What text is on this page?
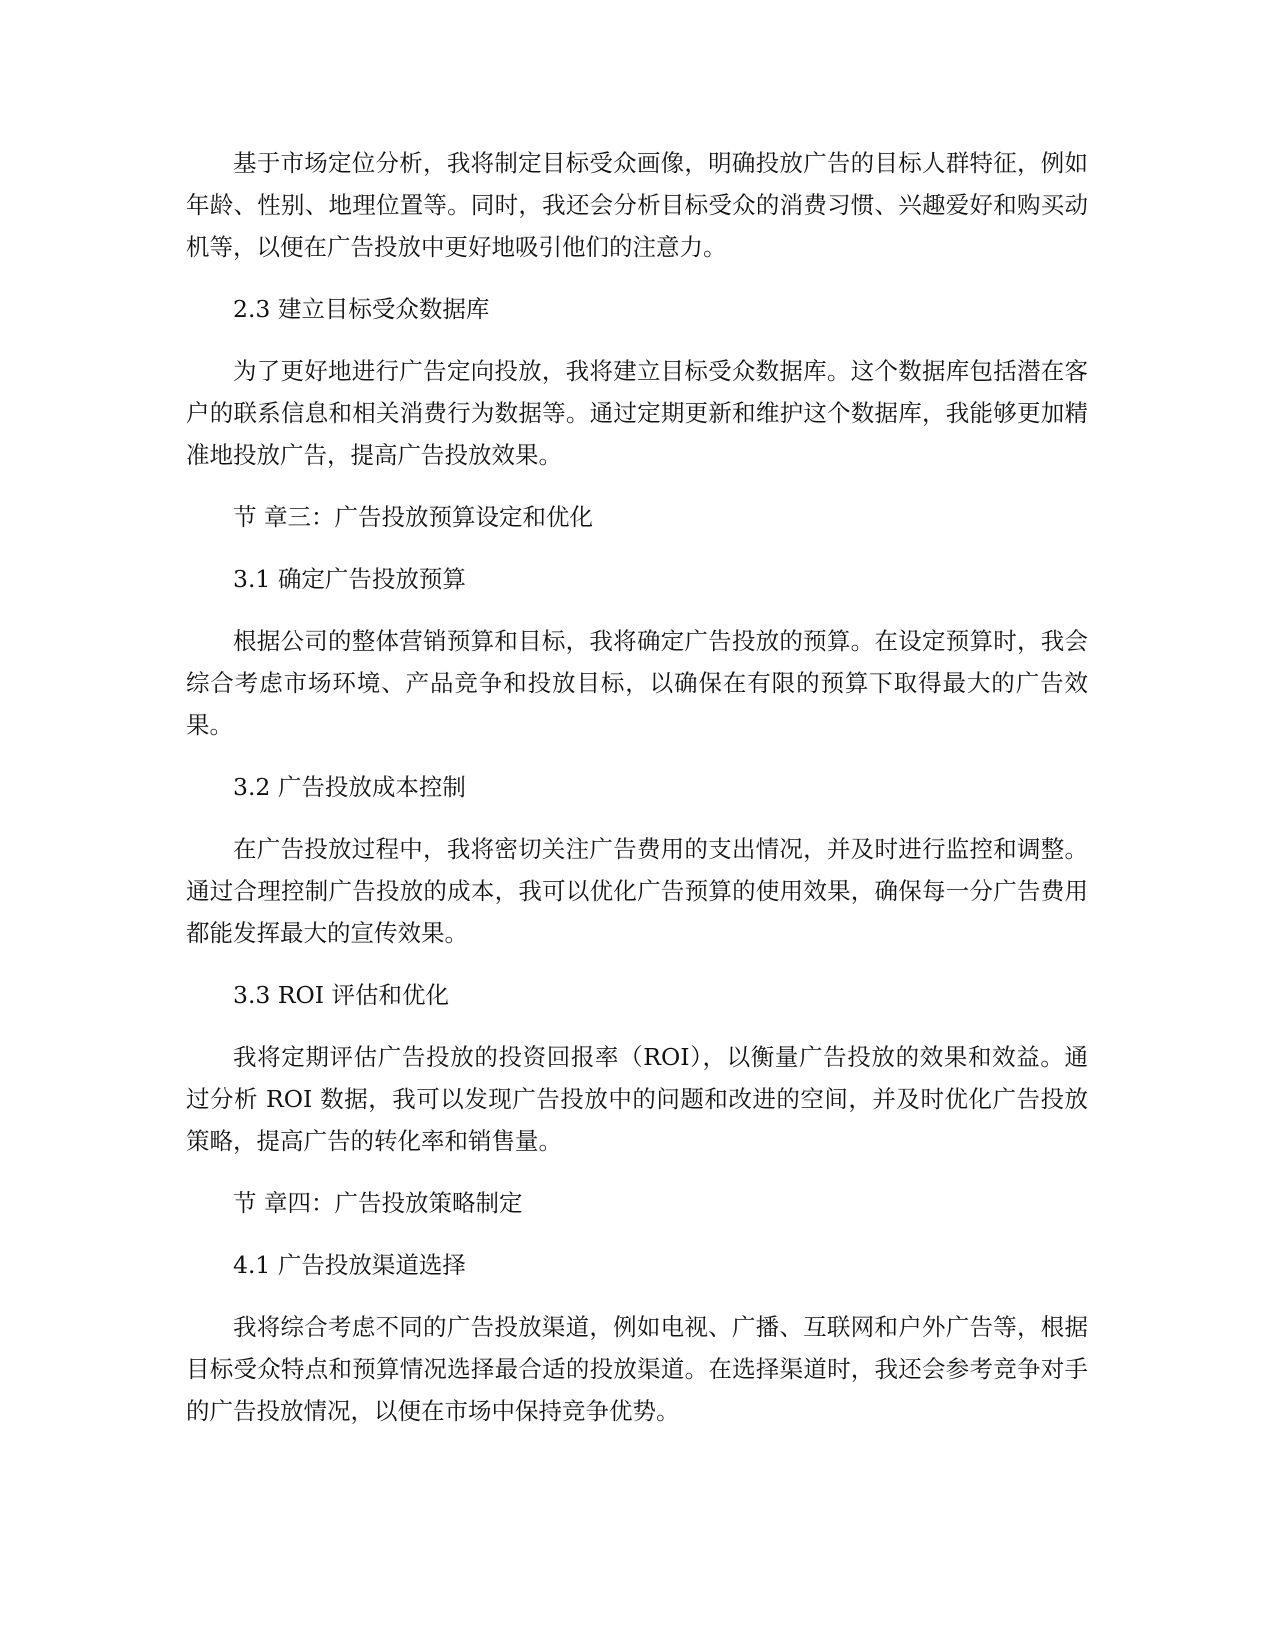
基于市场定位分析，我将制定目标受众画像，明确投放广告的目标人群特征，例如年龄、性别、地理位置等。同时，我还会分析目标受众的消费习惯、兴趣爱好和购买动机等，以便在广告投放中更好地吸引他们的注意力。

2.3 建立目标受众数据库

为了更好地进行广告定向投放，我将建立目标受众数据库。这个数据库包括潜在客户的联系信息和相关消费行为数据等。通过定期更新和维护这个数据库，我能够更加精准地投放广告，提高广告投放效果。

节 章三：广告投放预算设定和优化

3.1 确定广告投放预算

根据公司的整体营销预算和目标，我将确定广告投放的预算。在设定预算时，我会综合考虑市场环境、产品竞争和投放目标，以确保在有限的预算下取得最大的广告效果。

3.2 广告投放成本控制

在广告投放过程中，我将密切关注广告费用的支出情况，并及时进行监控和调整。通过合理控制广告投放的成本，我可以优化广告预算的使用效果，确保每一分广告费用都能发挥最大的宣传效果。

3.3 ROI 评估和优化

我将定期评估广告投放的投资回报率（ROI），以衡量广告投放的效果和效益。通过分析 ROI 数据，我可以发现广告投放中的问题和改进的空间，并及时优化广告投放策略，提高广告的转化率和销售量。

节 章四：广告投放策略制定

4.1 广告投放渠道选择

我将综合考虑不同的广告投放渠道，例如电视、广播、互联网和户外广告等，根据目标受众特点和预算情况选择最合适的投放渠道。在选择渠道时，我还会参考竞争对手的广告投放情况，以便在市场中保持竞争优势。
